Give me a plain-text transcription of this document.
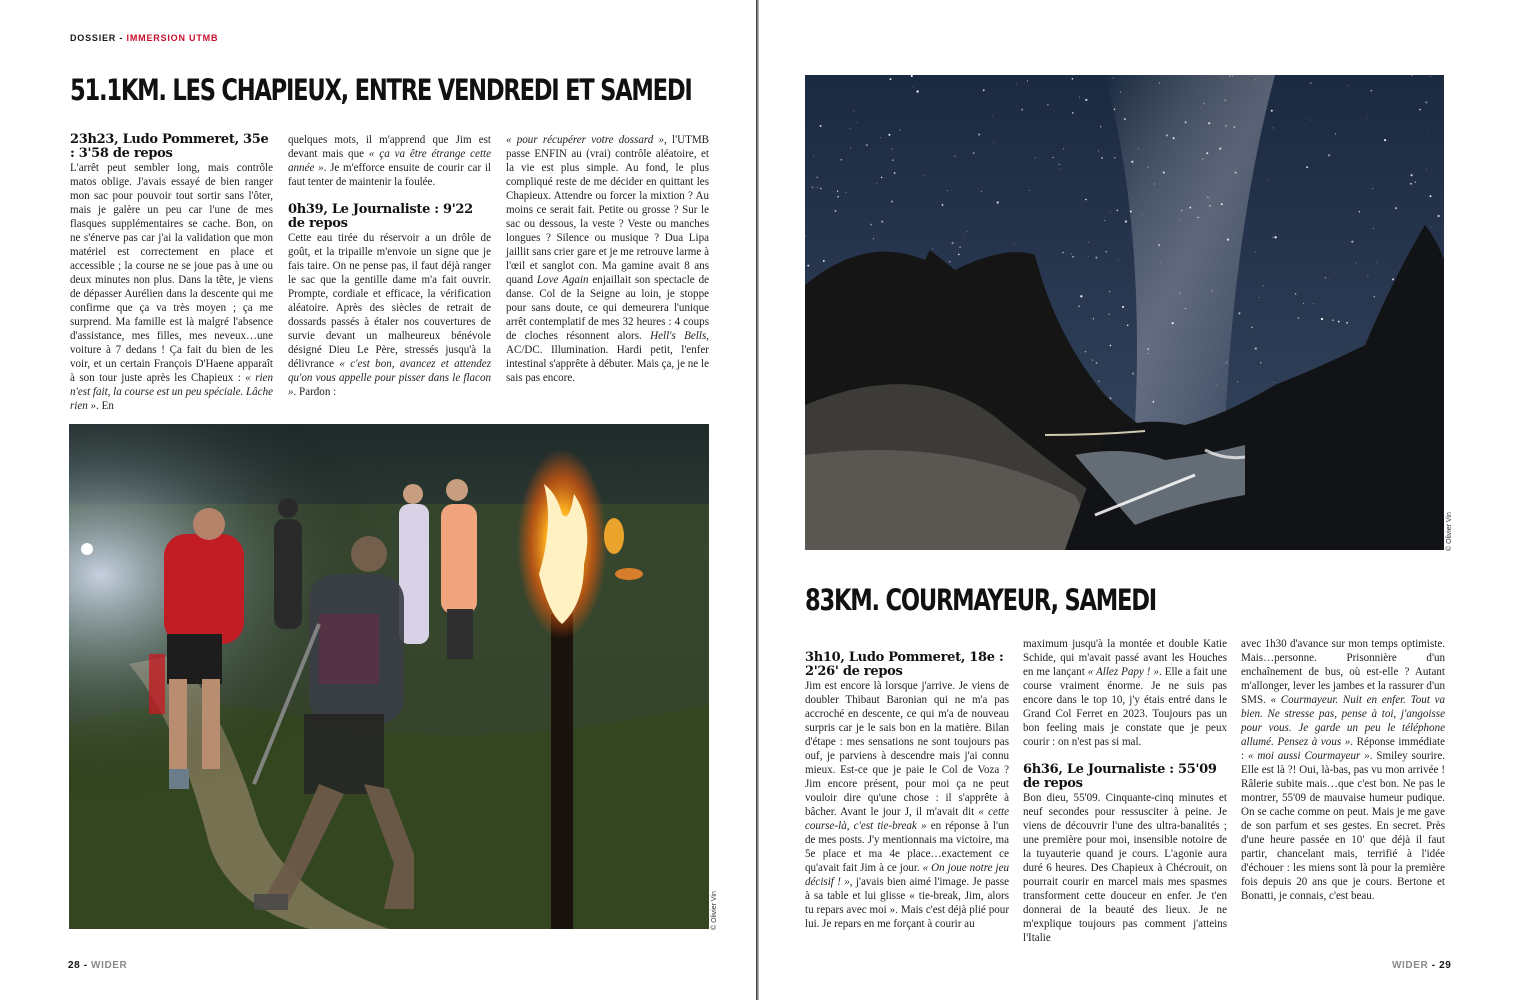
DOSSIER - IMMERSION UTMB
51.1KM. LES CHAPIEUX, ENTRE VENDREDI ET SAMEDI

23h23, Ludo Pommeret, 35e : 3'58 de repos

L'arrêt peut sembler long, mais contrôle matos oblige. J'avais essayé de bien ranger mon sac pour pouvoir tout sortir sans l'ôter, mais je galère un peu car l'une de mes flasques supplémentaires se cache. Bon, on ne s'énerve pas car j'ai la validation que mon matériel est correctement en place et accessible ; la course ne se joue pas à une ou deux minutes non plus. Dans la tête, je viens de dépasser Aurélien dans la descente qui me confirme que ça va très moyen ; ça me surprend. Ma famille est là malgré l'absence d'assistance, mes filles, mes neveux…une voiture à 7 dedans ! Ça fait du bien de les voir, et un certain François D'Haene apparaît à son tour juste après les Chapieux : « rien n'est fait, la course est un peu spéciale. Lâche rien ». En

quelques mots, il m'apprend que Jim est devant mais que « ça va être étrange cette année ». Je m'efforce ensuite de courir car il faut tenter de maintenir la foulée.

0h39, Le Journaliste : 9'22 de repos

Cette eau tirée du réservoir a un drôle de goût, et la tripaille m'envoie un signe que je fais taire. On ne pense pas, il faut déjà ranger le sac que la gentille dame m'a fait ouvrir. Prompte, cordiale et efficace, la vérification aléatoire. Après des siècles de retrait de dossards passés à étaler nos couvertures de survie devant un malheureux bénévole désigné Dieu Le Père, stressés jusqu'à la délivrance « c'est bon, avancez et attendez qu'on vous appelle pour pisser dans le flacon ». Pardon :

« pour récupérer votre dossard », l'UTMB passe ENFIN au (vrai) contrôle aléatoire, et la vie est plus simple. Au fond, le plus compliqué reste de me décider en quittant les Chapieux. Attendre ou forcer la mixtion ? Au moins ce serait fait. Petite ou grosse ? Sur le sac ou dessous, la veste ? Veste ou manches longues ? Silence ou musique ? Dua Lipa jaillit sans crier gare et je me retrouve larme à l'œil et sanglot con. Ma gamine avait 8 ans quand Love Again enjaillait son spectacle de danse. Col de la Seigne au loin, je stoppe pour sans doute, ce qui demeurera l'unique arrêt contemplatif de mes 32 heures : 4 coups de cloches résonnent alors. Hell's Bells, AC/DC. Illumination. Hardi petit, l'enfer intestinal s'apprête à débuter. Mais ça, je ne le sais pas encore.

© Olivier Vin
28 - WIDER
© Olivier Vin
83KM. COURMAYEUR, SAMEDI

3h10, Ludo Pommeret, 18e : 2'26' de repos

Jim est encore là lorsque j'arrive. Je viens de doubler Thibaut Baronian qui ne m'a pas accroché en descente, ce qui m'a de nouveau surpris car je le sais bon en la matière. Bilan d'étape : mes sensations ne sont toujours pas ouf, je parviens à descendre mais j'ai connu mieux. Est-ce que je paie le Col de Voza ? Jim encore présent, pour moi ça ne peut vouloir dire qu'une chose : il s'apprête à bâcher. Avant le jour J, il m'avait dit « cette course-là, c'est tie-break » en réponse à l'un de mes posts. J'y mentionnais ma victoire, ma 5e place et ma 4e place…exactement ce qu'avait fait Jim à ce jour. « On joue notre jeu décisif ! », j'avais bien aimé l'image. Je passe à sa table et lui glisse « tie-break, Jim, alors tu repars avec moi ». Mais c'est déjà plié pour lui. Je repars en me forçant à courir au

maximum jusqu'à la montée et double Katie Schide, qui m'avait passé avant les Houches en me lançant « Allez Papy ! ». Elle a fait une course vraiment énorme. Je ne suis pas encore dans le top 10, j'y étais entré dans le Grand Col Ferret en 2023. Toujours pas un bon feeling mais je constate que je peux courir : on n'est pas si mal.

6h36, Le Journaliste : 55'09 de repos

Bon dieu, 55'09. Cinquante-cinq minutes et neuf secondes pour ressusciter à peine. Je viens de découvrir l'une des ultra-banalités ; une première pour moi, insensible notoire de la tuyauterie quand je cours. L'agonie aura duré 6 heures. Des Chapieux à Chécrouit, on pourrait courir en marcel mais mes spasmes transforment cette douceur en enfer. Je t'en donnerai de la beauté des lieux. Je ne m'explique toujours pas comment j'atteins l'Italie

avec 1h30 d'avance sur mon temps optimiste. Mais…personne. Prisonnière d'un enchaînement de bus, où est-elle ? Autant m'allonger, lever les jambes et la rassurer d'un SMS. « Courmayeur. Nuit en enfer. Tout va bien. Ne stresse pas, pense à toi, j'angoisse pour vous. Je garde un peu le téléphone allumé. Pensez à vous ». Réponse immédiate : « moi aussi Courmayeur ». Smiley sourire. Elle est là ?! Oui, là-bas, pas vu mon arrivée ! Râlerie subite mais…que c'est bon. Ne pas le montrer, 55'09 de mauvaise humeur pudique. On se cache comme on peut. Mais je me gave de son parfum et ses gestes. En secret. Près d'une heure passée en 10' que déjà il faut partir, chancelant mais, terrifié à l'idée d'échouer : les miens sont là pour la première fois depuis 20 ans que je cours. Bertone et Bonatti, je connais, c'est beau.

WIDER - 29
